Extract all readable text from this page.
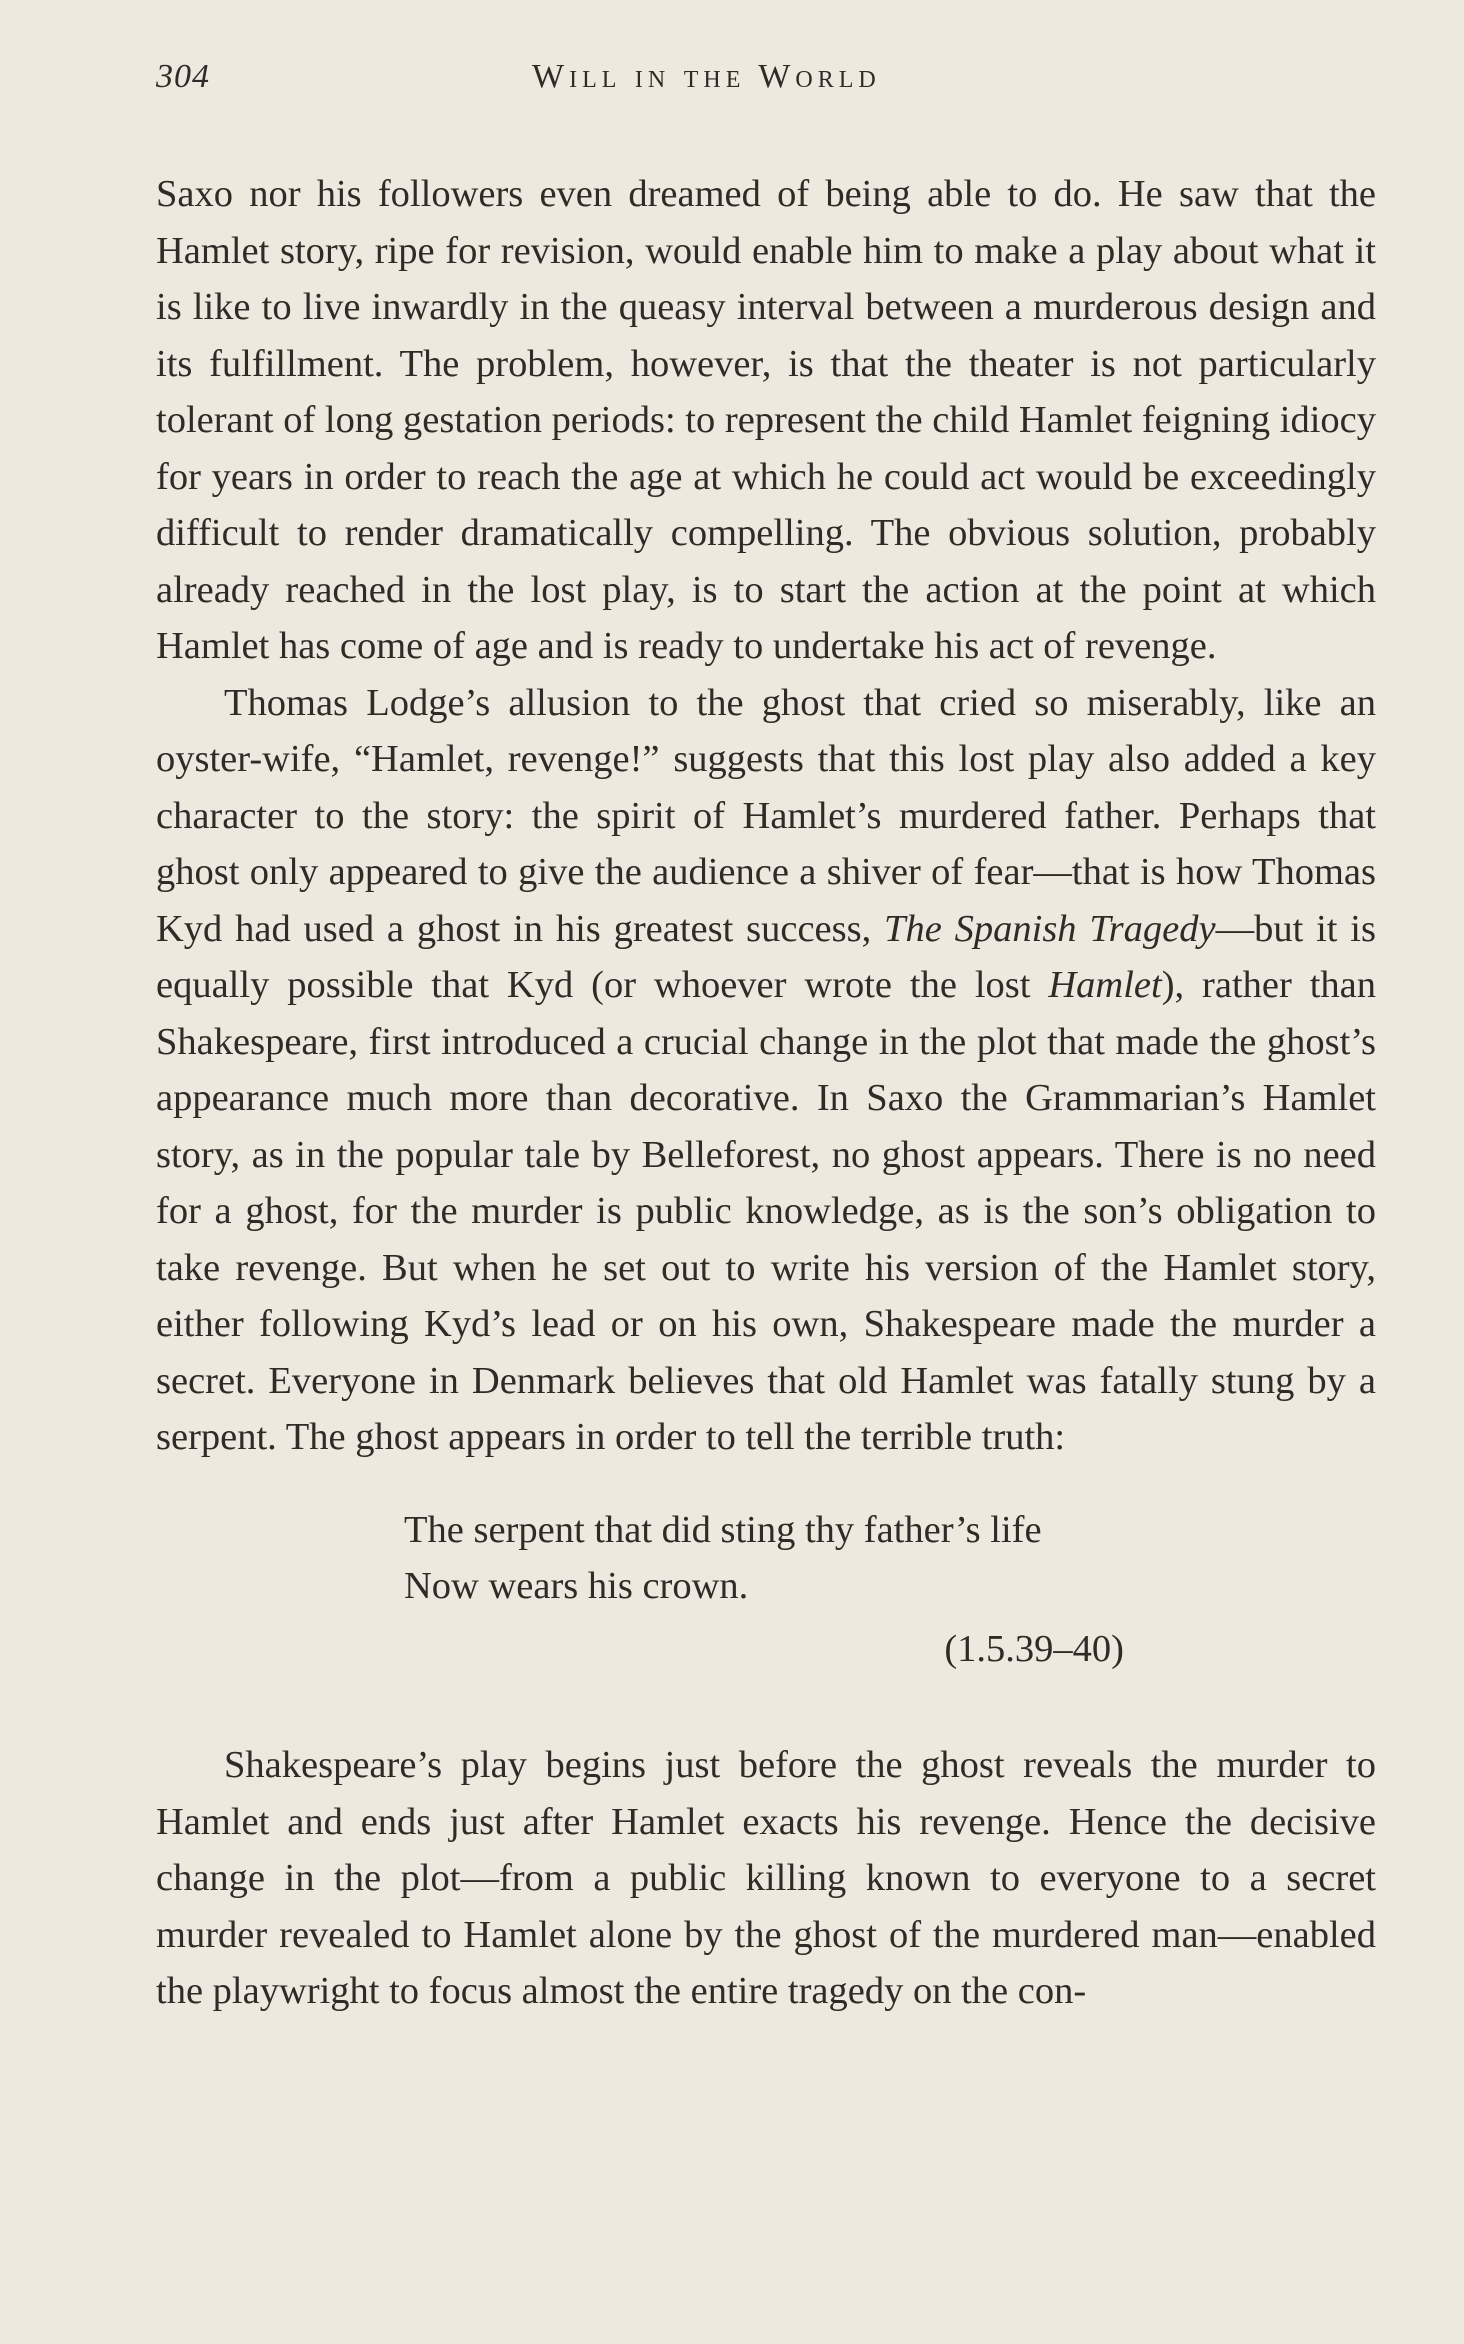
304	Will in the World

Saxo nor his followers even dreamed of being able to do. He saw that the Hamlet story, ripe for revision, would enable him to make a play about what it is like to live inwardly in the queasy interval between a murderous design and its fulfillment. The problem, however, is that the theater is not particularly tolerant of long gestation periods: to represent the child Hamlet feigning idiocy for years in order to reach the age at which he could act would be exceedingly difficult to render dramatically compelling. The obvious solution, probably already reached in the lost play, is to start the action at the point at which Hamlet has come of age and is ready to undertake his act of revenge.

Thomas Lodge’s allusion to the ghost that cried so miserably, like an oyster-wife, “Hamlet, revenge!” suggests that this lost play also added a key character to the story: the spirit of Hamlet’s murdered father. Perhaps that ghost only appeared to give the audience a shiver of fear—that is how Thomas Kyd had used a ghost in his greatest success, The Spanish Tragedy—but it is equally possible that Kyd (or whoever wrote the lost Hamlet), rather than Shakespeare, first introduced a crucial change in the plot that made the ghost’s appearance much more than decorative. In Saxo the Grammarian’s Hamlet story, as in the popular tale by Belleforest, no ghost appears. There is no need for a ghost, for the murder is public knowledge, as is the son’s obligation to take revenge. But when he set out to write his version of the Hamlet story, either following Kyd’s lead or on his own, Shakespeare made the murder a secret. Everyone in Denmark believes that old Hamlet was fatally stung by a serpent. The ghost appears in order to tell the terrible truth:

The serpent that did sting thy father’s life
Now wears his crown.
(1.5.39–40)

Shakespeare’s play begins just before the ghost reveals the murder to Hamlet and ends just after Hamlet exacts his revenge. Hence the decisive change in the plot—from a public killing known to everyone to a secret murder revealed to Hamlet alone by the ghost of the murdered man—enabled the playwright to focus almost the entire tragedy on the con-
